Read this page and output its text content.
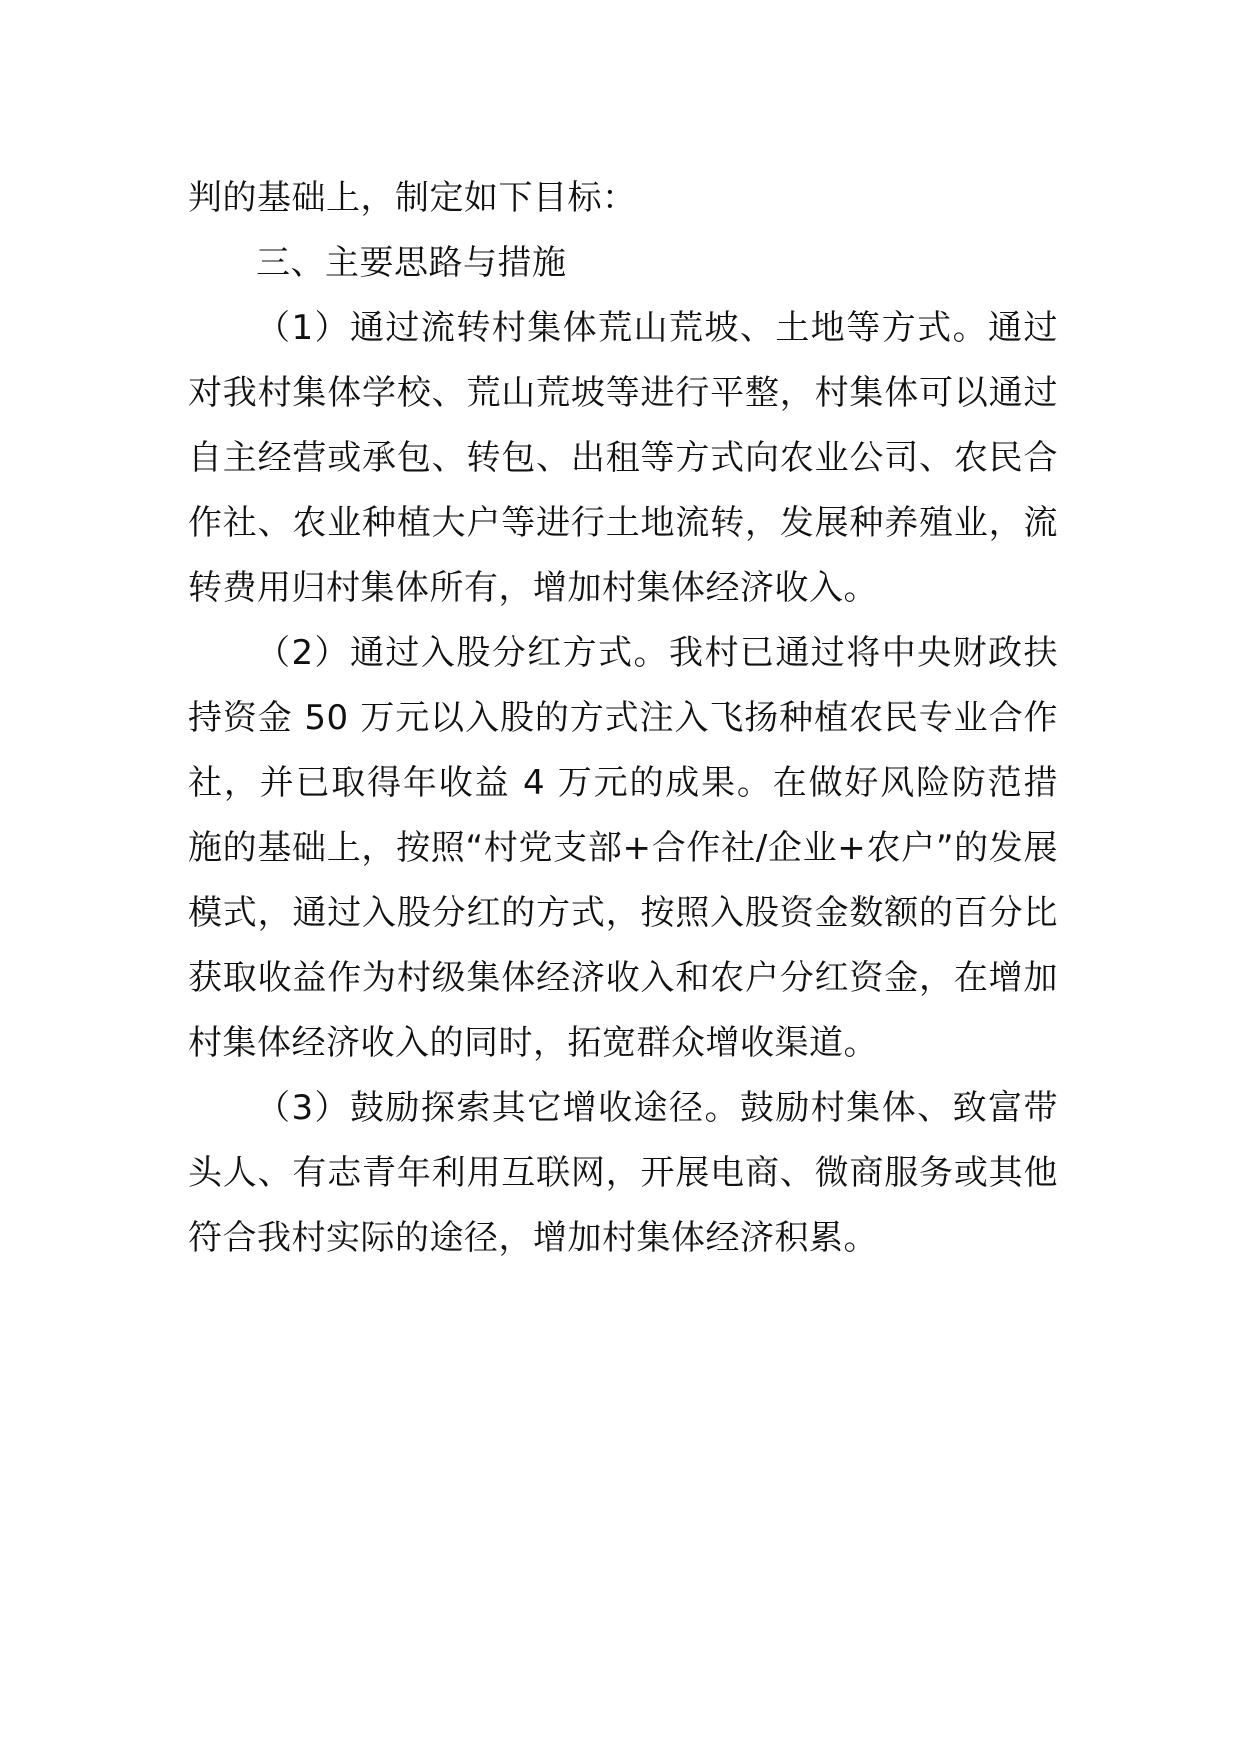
判的基础上，制定如下目标：

三、主要思路与措施

（1）通过流转村集体荒山荒坡、土地等方式。通过对我村集体学校、荒山荒坡等进行平整，村集体可以通过自主经营或承包、转包、出租等方式向农业公司、农民合作社、农业种植大户等进行土地流转，发展种养殖业，流转费用归村集体所有，增加村集体经济收入。

（2）通过入股分红方式。我村已通过将中央财政扶持资金 50 万元以入股的方式注入飞扬种植农民专业合作社，并已取得年收益 4 万元的成果。在做好风险防范措施的基础上，按照“村党支部+合作社/企业+农户”的发展模式，通过入股分红的方式，按照入股资金数额的百分比获取收益作为村级集体经济收入和农户分红资金，在增加村集体经济收入的同时，拓宽群众增收渠道。

（3）鼓励探索其它增收途径。鼓励村集体、致富带头人、有志青年利用互联网，开展电商、微商服务或其他符合我村实际的途径，增加村集体经济积累。
